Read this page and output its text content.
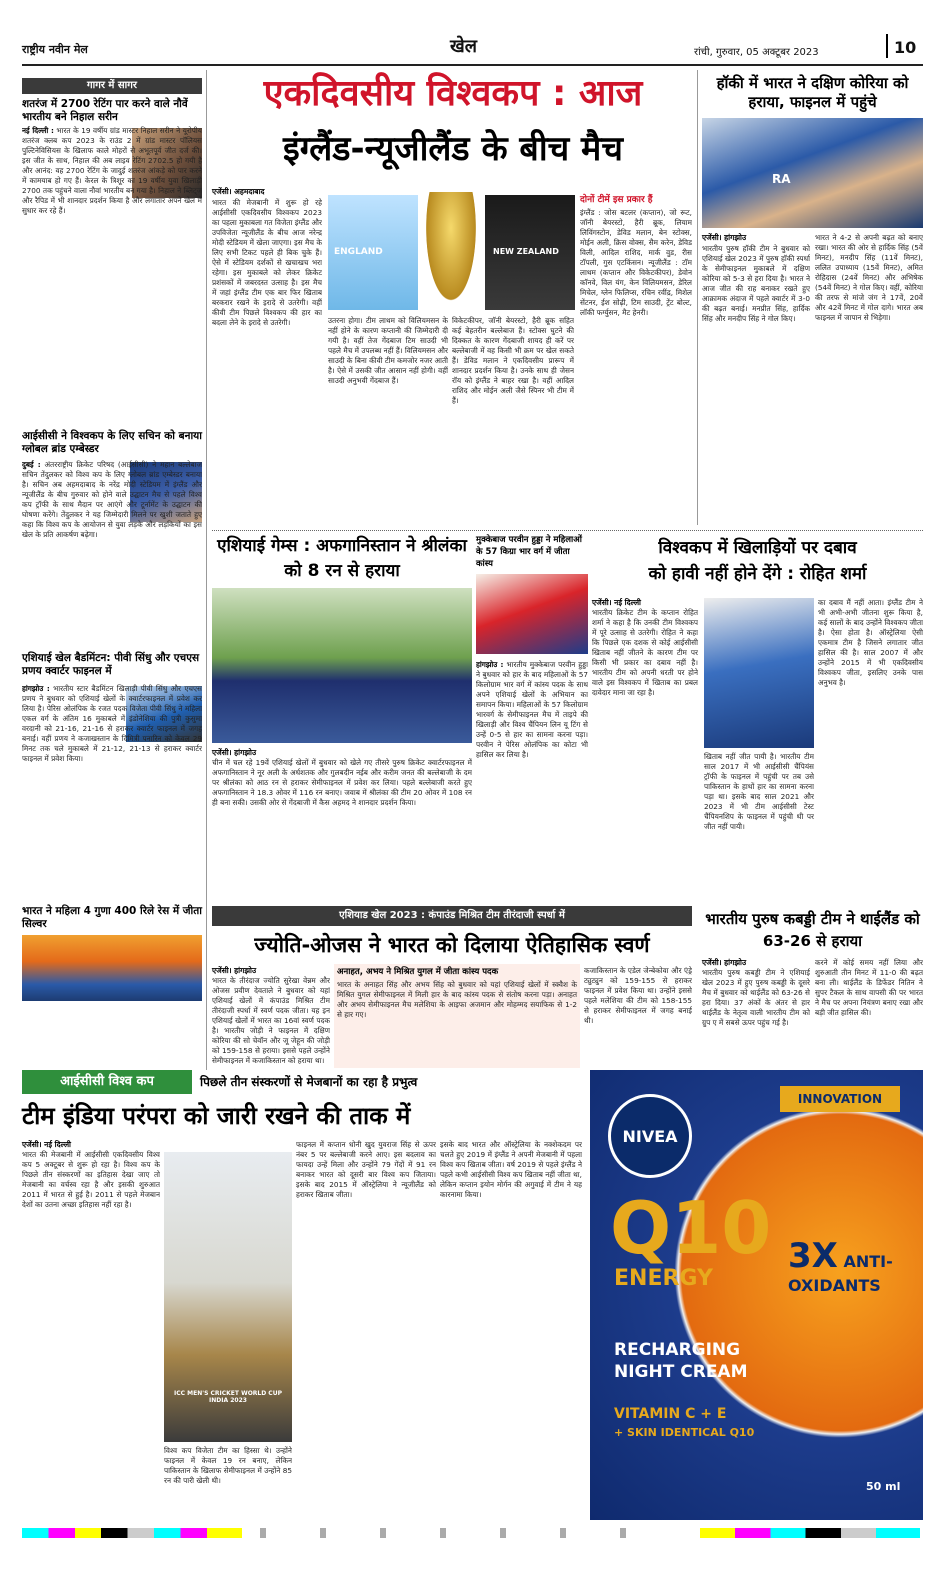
राष्ट्रीय नवीन मेल	खेल	रांची, गुरुवार, 05 अक्टूबर 2023	10
गागर में सागर
शतरंज में 2700 रेटिंग पार करने वाले नौवें भारतीय बने निहाल सरीन
नई दिल्ली : भारत के 19 वर्षीय ग्रांड मास्टर निहाल सरीन ने यूरोपीय शतरंज क्लब कप 2023 के राउंड 2 में ग्रांड मास्टर पॉलियस पुल्टिनेविसियस के खिलाफ काले मोहरों से अभूतपूर्व जीत दर्ज की। इस जीत के साथ, निहाल की अब लाइव रेटिंग 2702.5 हो गयी है और आनंद: वह 2700 रेटिंग के जादुई शतरंज आंकड़े को पार करने में कामयाब हो गए हैं। केरल के त्रिशूर का 19 वर्षीय युवा खिलाड़ी 2700 तक पहुंचने वाला नौवां भारतीय बन गया है। निहाल ने ब्लिट्ज और रैपिड में भी शानदार प्रदर्शन किया है और लगातार अपने खेल में सुधार कर रहे हैं।
आईसीसी ने विश्वकप के लिए सचिन को बनाया ग्लोबल ब्रांड एम्बेस्डर
दुबई : अंतरराष्ट्रीय क्रिकेट परिषद (आईसीसी) ने महान बल्लेबाज सचिन तेंदुलकर को विश्व कप के लिए ग्लोबल ब्रांड एम्बेस्डर बनाया है। सचिन अब अहमदाबाद के नरेंद्र मोदी स्टेडियम में इंग्लैंड और न्यूजीलैंड के बीच गुरुवार को होने वाले उद्घाटन मैच से पहले विश्व कप ट्रॉफी के साथ मैदान पर आएंगे और टूर्नामेंट के उद्घाटन की घोषणा करेंगे। तेंदुलकर ने यह जिम्मेदारी मिलने पर खुशी जताते हुए कहा कि विश्व कप के आयोजन से युवा लड़के और लड़कियों का इस खेल के प्रति आकर्षण बढ़ेगा।
एशियाई खेल बैडमिंटन: पीवी सिंधु और एचएस प्रणय क्वार्टर फाइनल में
हांगझोउ : भारतीय स्टार बैडमिंटन खिलाड़ी पीवी सिंधु और एचएस प्रणय ने बुधवार को एशियाई खेलों के क्वार्टरफाइनल में प्रवेश कर लिया है। पेरिस ओलंपिक के रजत पदक विजेता पीवी सिंधु ने महिला एकल वर्ग के अंतिम 16 मुकाबले में इंडोनेशिया की पुत्री कुसुमा वरदानी को 21-16, 21-16 से हराकर क्वार्टर फाइनल में जगह बनाई। वहीं प्रणय ने कजाखस्तान के दिमित्री पनारिन को केवल 29 मिनट तक चले मुकाबले में 21-12, 21-13 से हराकर क्वार्टर फाइनल में प्रवेश किया।
भारत ने महिला 4 गुणा 400 रिले रेस में जीता सिल्वर
एकदिवसीय विश्वकप : आज
इंग्लैंड-न्यूजीलैंड के बीच मैच
एजेंसी। अहमदाबाद
भारत की मेजबानी में शुरू हो रहे आईसीसी एकदिवसीय विश्वकप 2023 का पहला मुकाबला गत विजेता इंग्लैंड और उपविजेता न्यूजीलैंड के बीच आज नरेन्द्र मोदी स्टेडियम में खेला जाएगा। इस मैच के लिए सभी टिकट पहले ही बिक चुके हैं। ऐसे में स्टेडियम दर्शकों से खचाखच भरा रहेगा। इस मुकाबले को लेकर क्रिकेट प्रशंसकों में जबरदस्त उत्साह है। इस मैच में जहां इंग्लैंड टीम एक बार फिर खिताब बरकरार रखने के इरादे से उतरेगी। वहीं कीवी टीम पिछले विश्वकप की हार का बदला लेने के इरादे से उतरेगी।
ENGLAND	NEW ZEALAND
उतरना होगा। टीम लाथम को विलियमसन के नहीं होने के कारण कप्तानी की जिम्मेदारी दी गयी है। वहीं तेज गेंदबाज टिम साउदी भी पहले मैच में उपलब्ध नहीं हैं। विलियमसन और साउदी के बिना कीवी टीम कमजोर नजर आती है। ऐसे में उसकी जीत आसान नहीं होगी। वहीं साउदी अनुभवी गेंदबाज हैं।
विकेटकीपर, जॉनी बेयरस्टो, हैरी ब्रूक सहित कई बेहतरीन बल्लेबाज हैं। स्टोक्स घुटने की दिक्कत के कारण गेंदबाजी शायद ही करें पर बल्लेबाजी में वह किसी भी क्रम पर खेल सकते हैं। डेविड मलान ने एकदिवसीय प्रारूप में शानदार प्रदर्शन किया है। उनके साथ ही जेसन रॉय को इंग्लैंड ने बाहर रखा है। वहीं आदिल राशिद और मोईन अली जैसे स्पिनर भी टीम में हैं।
दोनों टीमें इस प्रकार हैं
इंग्लैंड : जोस बटलर (कप्तान), जो रूट, जॉनी बेयरस्टो, हैरी ब्रूक, लियाम लिविंगस्टोन, डेविड मलान, बेन स्टोक्स, मोईन अली, क्रिस वोक्स, सैम करेन, डेविड विली, आदिल राशिद, मार्क वुड, रीस टॉपली, गुस एटकिंसन। न्यूजीलैंड : टॉम लाथम (कप्तान और विकेटकीपर), डेवोन कॉनवे, विल यंग, केन विलियमसन, डेरिल मिचेल, ग्लेन फिलिप्स, रचिन रवींद्र, मिशेल सेंटनर, ईश सोढ़ी, टिम साउदी, ट्रेंट बोल्ट, लॉकी फर्ग्युसन, मैट हेनरी।
हॉकी में भारत ने दक्षिण कोरिया को हराया, फाइनल में पहुंचे
RA
एजेंसी। हांगझोउ
भारतीय पुरुष हॉकी टीम ने बुधवार को एशियाई खेल 2023 में पुरुष हॉकी स्पर्धा के सेमीफाइनल मुकाबले में दक्षिण कोरिया को 5-3 से हरा दिया है। भारत ने आज जीत की राह बनाकर रखते हुए आक्रामक अंदाज में पहले क्वार्टर में 3-0 की बढ़त बनाई। मनप्रीत सिंह, हार्दिक सिंह और मनदीप सिंह ने गोल किए।
भारत ने 4-2 से अपनी बढ़त को बनाए रखा। भारत की ओर से हार्दिक सिंह (5वें मिनट), मनदीप सिंह (11वें मिनट), ललित उपाध्याय (15वें मिनट), अमित रोहिदास (24वें मिनट) और अभिषेक (54वें मिनट) ने गोल किए। वहीं, कोरिया की तरफ से मांजे जंग ने 17वें, 20वें और 42वें मिनट में गोल दागे। भारत अब फाइनल में जापान से भिड़ेगा।
एशियाई गेम्स : अफगानिस्तान ने श्रीलंका को 8 रन से हराया
एजेंसी। हांगझोउ
चीन में चल रहे 19वें एशियाई खेलों में बुधवार को खेले गए तीसरे पुरुष क्रिकेट क्वार्टरफाइनल में अफगानिस्तान ने नूर अली के अर्धशतक और गुलबदीन नईब और करीम जनत की बल्लेबाजी के दम पर श्रीलंका को आठ रन से हराकर सेमीफाइनल में प्रवेश कर लिया। पहले बल्लेबाजी करते हुए अफगानिस्तान ने 18.3 ओवर में 116 रन बनाए। जवाब में श्रीलंका की टीम 20 ओवर में 108 रन ही बना सकी। उसकी ओर से गेंदबाजी में कैस अहमद ने शानदार प्रदर्शन किया।
मुक्केबाज परवीन हुड्डा ने महिलाओं के 57 किग्रा भार वर्ग में जीता कांस्य
हांगझोउ : भारतीय मुक्केबाज परवीन हुड्डा ने बुधवार को हार के बाद महिलाओं के 57 किलोग्राम भार वर्ग में कांस्य पदक के साथ अपने एशियाई खेलों के अभियान का समापन किया। महिलाओं के 57 किलोग्राम भारवर्ग के सेमीफाइनल मैच में ताइपे की खिलाड़ी और विश्व चैंपियन लिन यू टिंग से उन्हें 0-5 से हार का सामना करना पड़ा। परवीन ने पेरिस ओलंपिक का कोटा भी हासिल कर लिया है।
विश्वकप में खिलाड़ियों पर दबाव
को हावी नहीं होने देंगे : रोहित शर्मा
एजेंसी। नई दिल्ली
भारतीय क्रिकेट टीम के कप्तान रोहित शर्मा ने कहा है कि उनकी टीम विश्वकप में पूरे उत्साह से उतरेगी। रोहित ने कहा कि पिछले एक दशक से कोई आईसीसी खिताब नहीं जीतने के कारण टीम पर किसी भी प्रकार का दबाव नहीं है। भारतीय टीम को अपनी धरती पर होने वाले इस विश्वकप में खिताब का प्रबल दावेदार माना जा रहा है।
खिताब नहीं जीत पायी है। भारतीय टीम साल 2017 में भी आईसीसी चैंपियंस ट्रॉफी के फाइनल में पहुंची पर तब उसे पाकिस्तान के हाथों हार का सामना करना पड़ा था। इसके बाद साल 2021 और 2023 में भी टीम आईसीसी टेस्ट चैंपियनशिप के फाइनल में पहुंची थी पर जीत नहीं पायी।
का दबाव मैं नहीं आता। इंग्लैंड टीम ने भी अभी-अभी जीतना शुरू किया है, कई सालों के बाद उन्होंने विश्वकप जीता है। ऐसा होता है। ऑस्ट्रेलिया ऐसी एकमात्र टीम है जिसने लगातार जीत हासिल की है। साल 2007 में और उन्होंने 2015 में भी एकदिवसीय विश्वकप जीता, इसलिए उनके पास अनुभव है।
एशियाड खेल 2023 : कंपाउंड मिश्रित टीम तीरंदाजी स्पर्धा में
ज्योति-ओजस ने भारत को दिलाया ऐतिहासिक स्वर्ण
एजेंसी। हांगझोउ
भारत के तीरंदाज ज्योति सुरेखा वेन्नम और ओजस प्रवीण देवताले ने बुधवार को यहां एशियाई खेलों में कंपाउंड मिश्रित टीम तीरंदाजी स्पर्धा में स्वर्ण पदक जीता। यह इन एशियाई खेलों में भारत का 16वां स्वर्ण पदक है। भारतीय जोड़ी ने फाइनल में दक्षिण कोरिया की सो चेवॉन और जू जेहून की जोड़ी को 159-158 से हराया। इससे पहले उन्होंने सेमीफाइनल में कजाकिस्तान को हराया था।
अनाहत, अभय ने मिश्रित युगल में जीता कांस्य पदक
भारत के अनाहत सिंह और अभय सिंह को बुधवार को यहां एशियाई खेलों में स्क्वैश के मिश्रित युगल सेमीफाइनल में मिली हार के बाद कांस्य पदक से संतोष करना पड़ा। अनाहत और अभय सेमीफाइनल मैच मलेशिया के आइफा अजमान और मोहम्मद सयाफिक से 1-2 से हार गए।
कजाकिस्तान के एडेल जेन्बेकोवा और एंड्रे ट्युट्युन को 159-155 से हराकर फाइनल में प्रवेश किया था। उन्होंने इससे पहले मलेशिया की टीम को 158-155 से हराकर सेमीफाइनल में जगह बनाई थी।
भारतीय पुरुष कबड्डी टीम ने थाईलैंड को 63-26 से हराया
एजेंसी। हांगझोउ
भारतीय पुरुष कबड्डी टीम ने एशियाई खेल 2023 में हुए पुरुष कबड्डी के दूसरे मैच में बुधवार को थाईलैंड को 63-26 से हरा दिया। 37 अंकों के अंतर से हार थाईलैंड के नेतृत्व वाली भारतीय टीम को ग्रुप ए में सबसे ऊपर पहुंच गई है।
करने में कोई समय नहीं लिया और शुरुआती तीन मिनट में 11-0 की बढ़त बना ली। थाईलैंड के डिफेंडर नितिन ने सुपर टैकल के साथ वापसी की पर भारत ने मैच पर अपना नियंत्रण बनाए रखा और बड़ी जीत हासिल की।
आईसीसी विश्व कप	पिछले तीन संस्करणों से मेजबानों का रहा है प्रभुत्व
टीम इंडिया परंपरा को जारी रखने की ताक में
एजेंसी। नई दिल्ली
भारत की मेजबानी में आईसीसी एकदिवसीय विश्व कप 5 अक्टूबर से शुरू हो रहा है। विश्व कप के पिछले तीन संस्करणों का इतिहास देखा जाए तो मेजबानी का वर्चस्व रहा है और इसकी शुरुआत 2011 में भारत से हुई है। 2011 से पहले मेजबान देशों का उतना अच्छा इतिहास नहीं रहा है।
ICC MEN'S CRICKET WORLD CUP INDIA 2023
विश्व कप विजेता टीम का हिस्सा थे। उन्होंने फाइनल में केवल 19 रन बनाए, लेकिन पाकिस्तान के खिलाफ सेमीफाइनल में उन्होंने 85 रन की पारी खेली थी।
फाइनल में कप्तान धोनी खुद युवराज सिंह से ऊपर नंबर 5 पर बल्लेबाजी करने आए। इस बदलाव का फायदा उन्हें मिला और उन्होंने 79 गेंदों में 91 रन बनाकर भारत को दूसरी बार विश्व कप जिताया। इसके बाद 2015 में ऑस्ट्रेलिया ने न्यूजीलैंड को हराकर खिताब जीता।
इसके बाद भारत और ऑस्ट्रेलिया के नक्शेकदम पर चलते हुए 2019 में इंग्लैंड ने अपनी मेजबानी में पहला विश्व कप खिताब जीता। वर्ष 2019 से पहले इंग्लैंड ने पहले कभी आईसीसी विश्व कप खिताब नहीं जीता था, लेकिन कप्तान इयोन मोर्गन की अगुवाई में टीम ने यह कारनामा किया।
INNOVATION
NIVEA
Q10
ENERGY
3X ANTI-
OXIDANTS
RECHARGING
NIGHT CREAM
VITAMIN C + E
+ SKIN IDENTICAL Q10
50 ml
